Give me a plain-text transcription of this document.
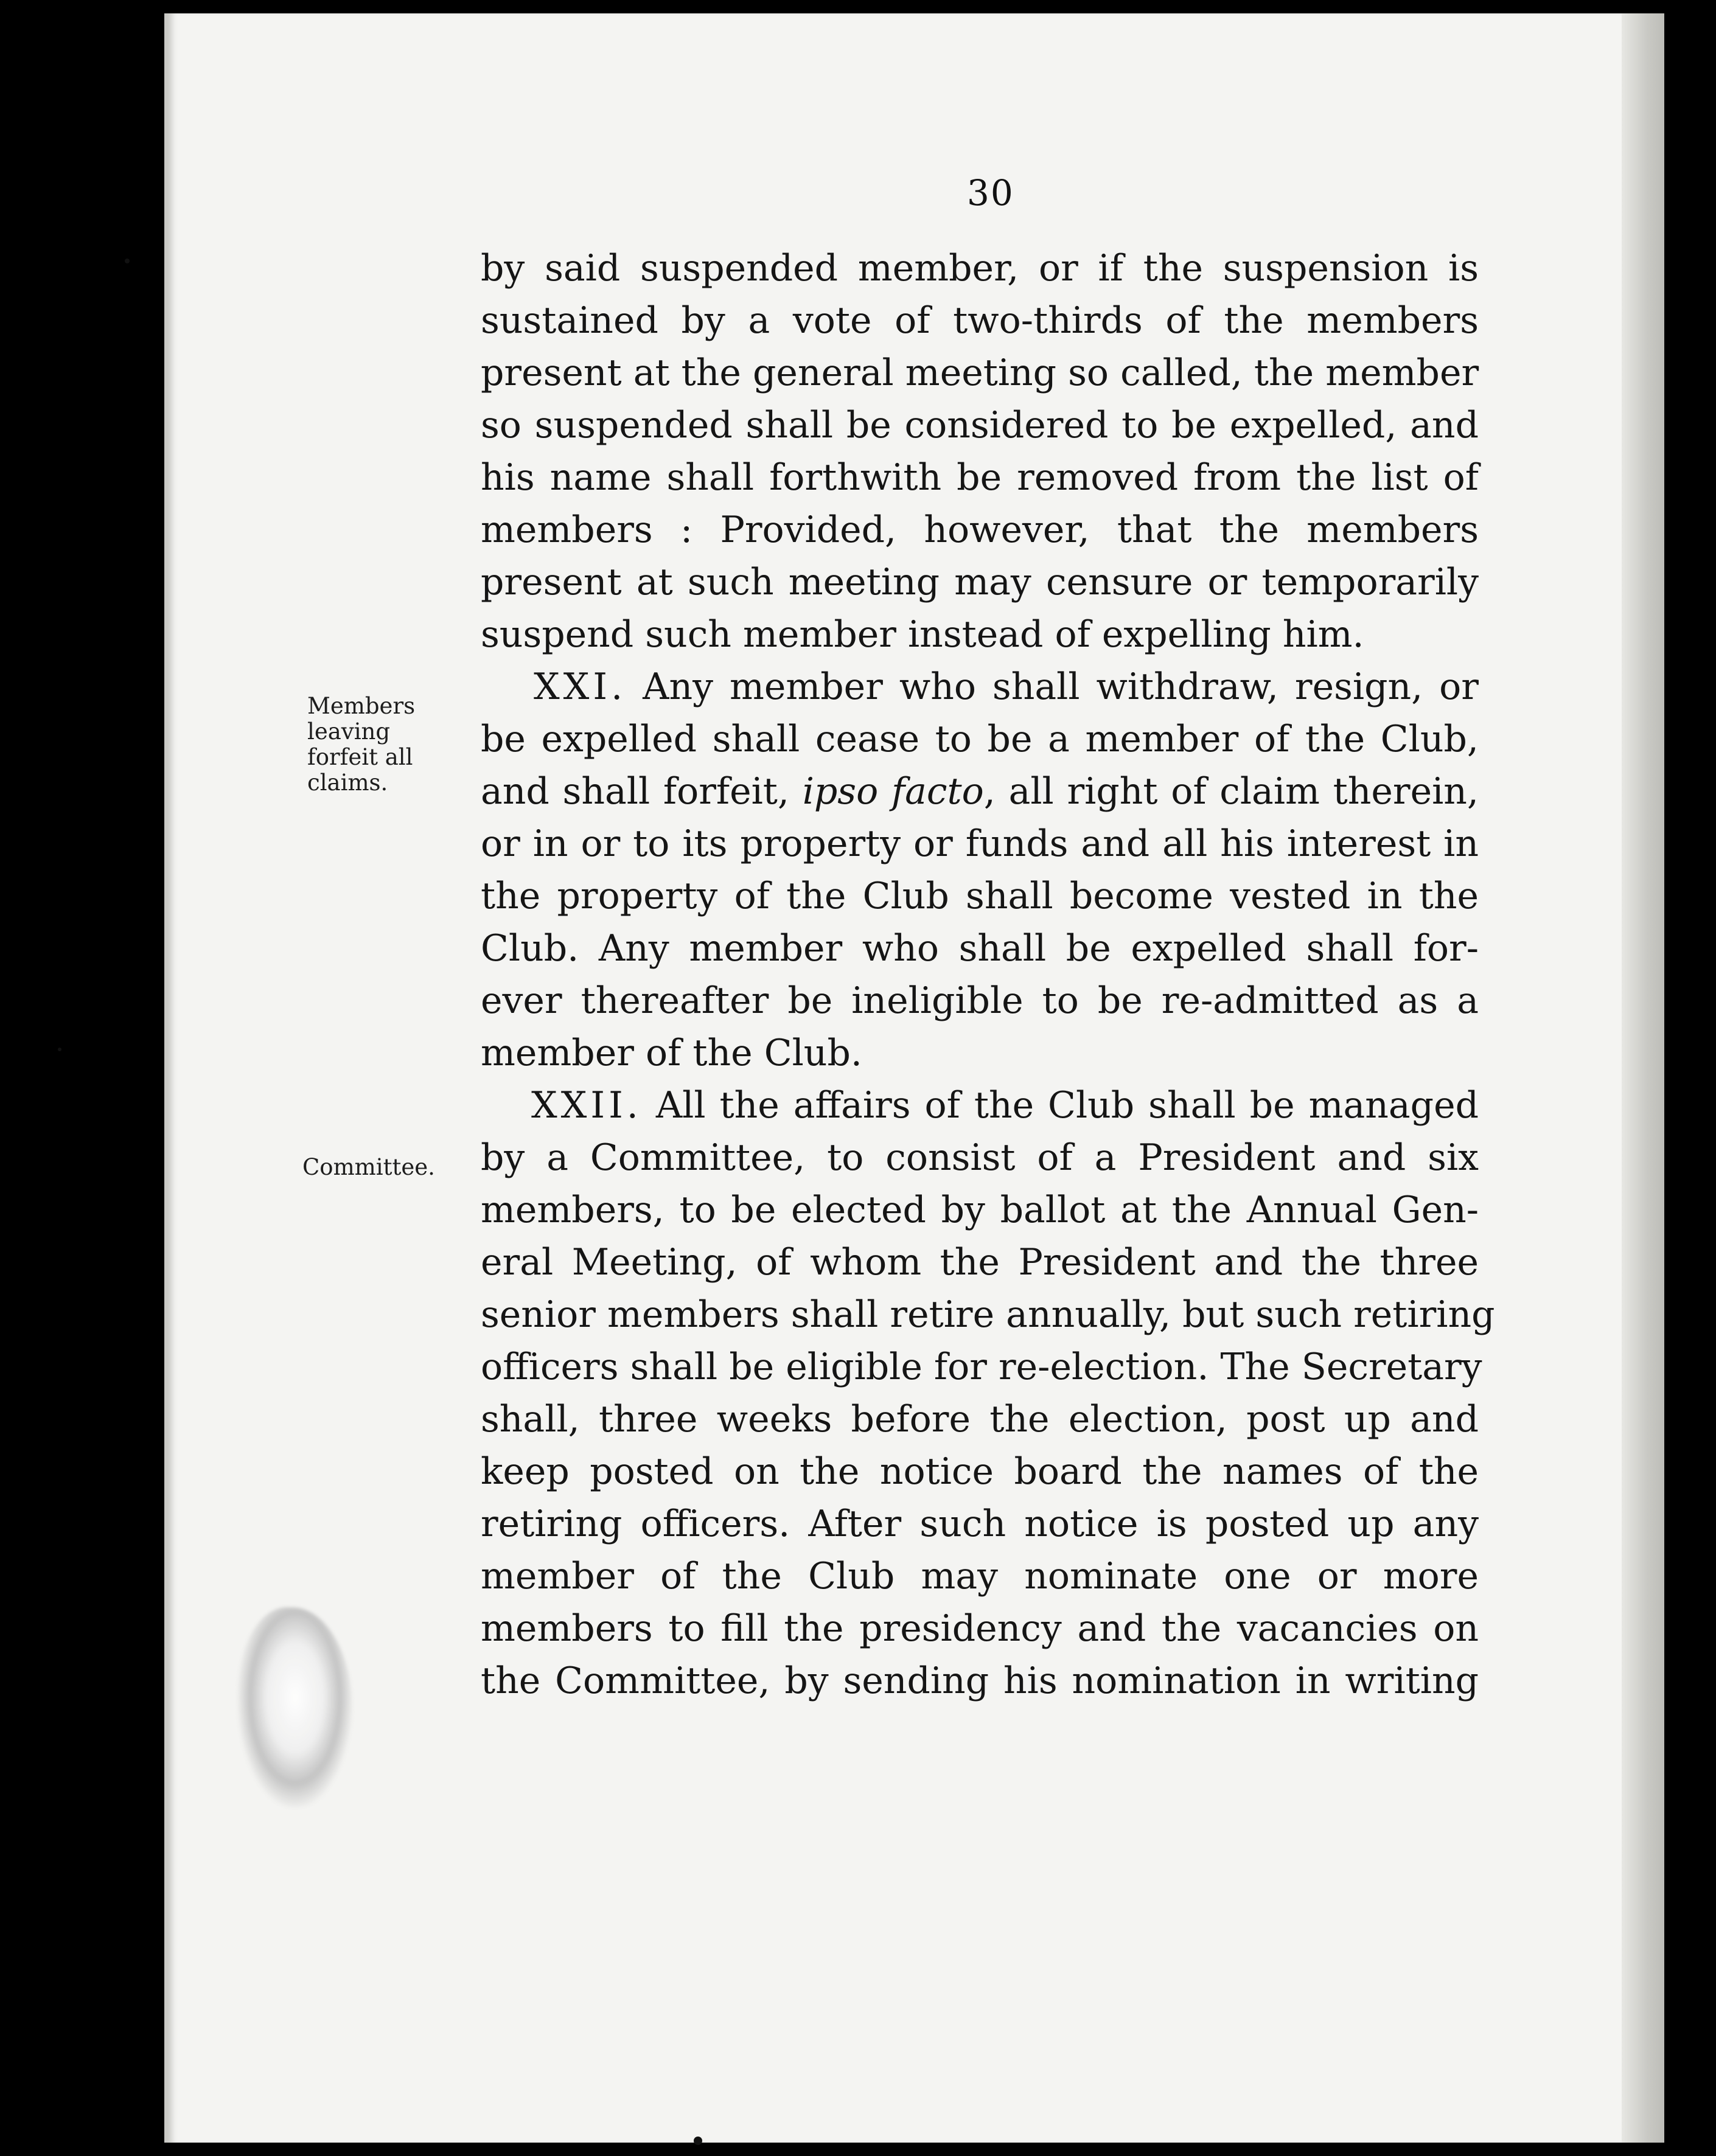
30

by said suspended member, or if the suspension is
sustained by a vote of two-thirds of the members
present at the general meeting so called, the member
so suspended shall be considered to be expelled, and
his name shall forthwith be removed from the list of
members : Provided, however, that the members
present at such meeting may censure or temporarily
suspend such member instead of expelling him.

  XXI. Any member who shall withdraw, resign, or
be expelled shall cease to be a member of the Club,
and shall forfeit, ipso facto, all right of claim therein,
or in or to its property or funds and all his interest in
the property of the Club shall become vested in the
Club. Any member who shall be expelled shall for-
ever thereafter be ineligible to be re-admitted as a
member of the Club.

  XXII. All the affairs of the Club shall be managed
by a Committee, to consist of a President and six
members, to be elected by ballot at the Annual Gen-
eral Meeting, of whom the President and the three
senior members shall retire annually, but such retiring
officers shall be eligible for re-election. The Secretary
shall, three weeks before the election, post up and
keep posted on the notice board the names of the
retiring officers. After such notice is posted up any
member of the Club may nominate one or more
members to fill the presidency and the vacancies on
the Committee, by sending his nomination in writing

Members
leaving
forfeit all
claims.
Committee.
